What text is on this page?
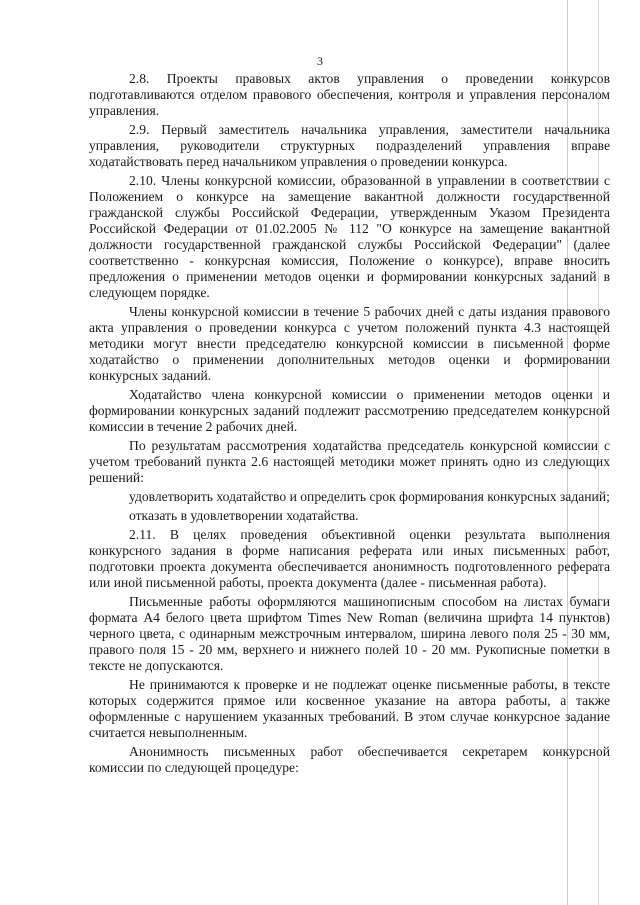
3

2.8. Проекты правовых актов управления о проведении конкурсов подготавливаются отделом правового обеспечения, контроля и управления персоналом управления.

2.9. Первый заместитель начальника управления, заместители начальника управления, руководители структурных подразделений управления вправе ходатайствовать перед начальником управления о проведении конкурса.

2.10. Члены конкурсной комиссии, образованной в управлении в соответствии с Положением о конкурсе на замещение вакантной должности государственной гражданской службы Российской Федерации, утвержденным Указом Президента Российской Федерации от 01.02.2005 № 112 "О конкурсе на замещение вакантной должности государственной гражданской службы Российской Федерации" (далее соответственно - конкурсная комиссия, Положение о конкурсе), вправе вносить предложения о применении методов оценки и формировании конкурсных заданий в следующем порядке.

Члены конкурсной комиссии в течение 5 рабочих дней с даты издания правового акта управления о проведении конкурса с учетом положений пункта 4.3 настоящей методики могут внести председателю конкурсной комиссии в письменной форме ходатайство о применении дополнительных методов оценки и формировании конкурсных заданий.

Ходатайство члена конкурсной комиссии о применении методов оценки и формировании конкурсных заданий подлежит рассмотрению председателем конкурсной комиссии в течение 2 рабочих дней.

По результатам рассмотрения ходатайства председатель конкурсной комиссии с учетом требований пункта 2.6 настоящей методики может принять одно из следующих решений:

удовлетворить ходатайство и определить срок формирования конкурсных заданий;

отказать в удовлетворении ходатайства.

2.11. В целях проведения объективной оценки результата выполнения конкурсного задания в форме написания реферата или иных письменных работ, подготовки проекта документа обеспечивается анонимность подготовленного реферата или иной письменной работы, проекта документа (далее - письменная работа).

Письменные работы оформляются машинописным способом на листах бумаги формата А4 белого цвета шрифтом Times New Roman (величина шрифта 14 пунктов) черного цвета, с одинарным межстрочным интервалом, ширина левого поля 25 - 30 мм, правого поля 15 - 20 мм, верхнего и нижнего полей 10 - 20 мм. Рукописные пометки в тексте не допускаются.

Не принимаются к проверке и не подлежат оценке письменные работы, в тексте которых содержится прямое или косвенное указание на автора работы, а также оформленные с нарушением указанных требований. В этом случае конкурсное задание считается невыполненным.

Анонимность письменных работ обеспечивается секретарем конкурсной комиссии по следующей процедуре:
